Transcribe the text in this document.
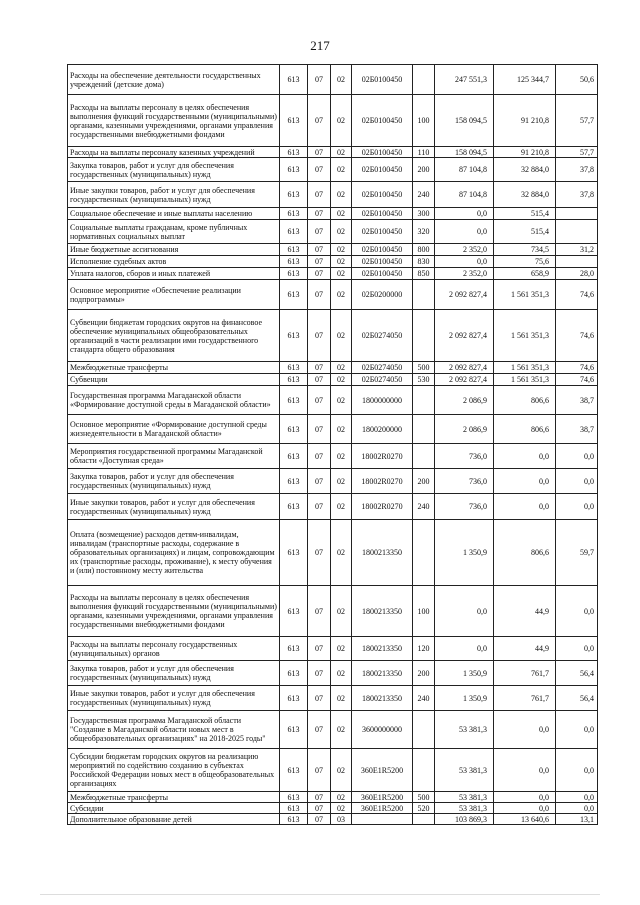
217
Расходы на обеспечение деятельности государственных учреждений (детские дома)	613	07	02	02Б0100450		247 551,3	125 344,7	50,6
Расходы на выплаты персоналу в целях обеспечения выполнения функций государственными (муниципальными) органами, казенными учреждениями, органами управления государственными внебюджетными фондами	613	07	02	02Б0100450	100	158 094,5	91 210,8	57,7
Расходы на выплаты персоналу казенных учреждений	613	07	02	02Б0100450	110	158 094,5	91 210,8	57,7
Закупка товаров, работ и услуг для обеспечения государственных (муниципальных) нужд	613	07	02	02Б0100450	200	87 104,8	32 884,0	37,8
Иные закупки товаров, работ и услуг для обеспечения государственных (муниципальных) нужд	613	07	02	02Б0100450	240	87 104,8	32 884,0	37,8
Социальное обеспечение и иные выплаты населению	613	07	02	02Б0100450	300	0,0	515,4	
Социальные выплаты гражданам, кроме публичных нормативных социальных выплат	613	07	02	02Б0100450	320	0,0	515,4	
Иные бюджетные ассигнования	613	07	02	02Б0100450	800	2 352,0	734,5	31,2
Исполнение судебных актов	613	07	02	02Б0100450	830	0,0	75,6	
Уплата налогов, сборов и иных платежей	613	07	02	02Б0100450	850	2 352,0	658,9	28,0
Основное мероприятие «Обеспечение реализации подпрограммы»	613	07	02	02Б0200000		2 092 827,4	1 561 351,3	74,6
Субвенции бюджетам городских округов на финансовое обеспечение муниципальных общеобразовательных организаций в части реализации ими государственного стандарта общего образования	613	07	02	02Б0274050		2 092 827,4	1 561 351,3	74,6
Межбюджетные трансферты	613	07	02	02Б0274050	500	2 092 827,4	1 561 351,3	74,6
Субвенции	613	07	02	02Б0274050	530	2 092 827,4	1 561 351,3	74,6
Государственная программа Магаданской области «Формирование доступной среды в Магаданской области»	613	07	02	1800000000		2 086,9	806,6	38,7
Основное мероприятие «Формирование доступной среды жизнедеятельности в Магаданской области»	613	07	02	1800200000		2 086,9	806,6	38,7
Мероприятия государственной программы Магаданской области «Доступная среда»	613	07	02	18002R0270		736,0	0,0	0,0
Закупка товаров, работ и услуг для обеспечения государственных (муниципальных) нужд	613	07	02	18002R0270	200	736,0	0,0	0,0
Иные закупки товаров, работ и услуг для обеспечения государственных (муниципальных) нужд	613	07	02	18002R0270	240	736,0	0,0	0,0
Оплата (возмещение) расходов детям-инвалидам, инвалидам (транспортные расходы, содержание в образовательных организациях) и лицам, сопровождающим их (транспортные расходы, проживание), к месту обучения и (или) постоянному месту жительства	613	07	02	1800213350		1 350,9	806,6	59,7
Расходы на выплаты персоналу в целях обеспечения выполнения функций государственными (муниципальными) органами, казенными учреждениями, органами управления государственными внебюджетными фондами	613	07	02	1800213350	100	0,0	44,9	0,0
Расходы на выплаты персоналу государственных (муниципальных) органов	613	07	02	1800213350	120	0,0	44,9	0,0
Закупка товаров, работ и услуг для обеспечения государственных (муниципальных) нужд	613	07	02	1800213350	200	1 350,9	761,7	56,4
Иные закупки товаров, работ и услуг для обеспечения государственных (муниципальных) нужд	613	07	02	1800213350	240	1 350,9	761,7	56,4
Государственная программа Магаданской области "Создание в Магаданской области новых мест в общеобразовательных организациях" на 2018-2025 годы"	613	07	02	3600000000		53 381,3	0,0	0,0
Субсидии бюджетам городских округов на реализацию мероприятий по содействию созданию в субъектах Российской Федерации новых мест в общеобразовательных организациях	613	07	02	360E1R5200		53 381,3	0,0	0,0
Межбюджетные трансферты	613	07	02	360E1R5200	500	53 381,3	0,0	0,0
Субсидии	613	07	02	360E1R5200	520	53 381,3	0,0	0,0
Дополнительное образование детей	613	07	03			103 869,3	13 640,6	13,1
